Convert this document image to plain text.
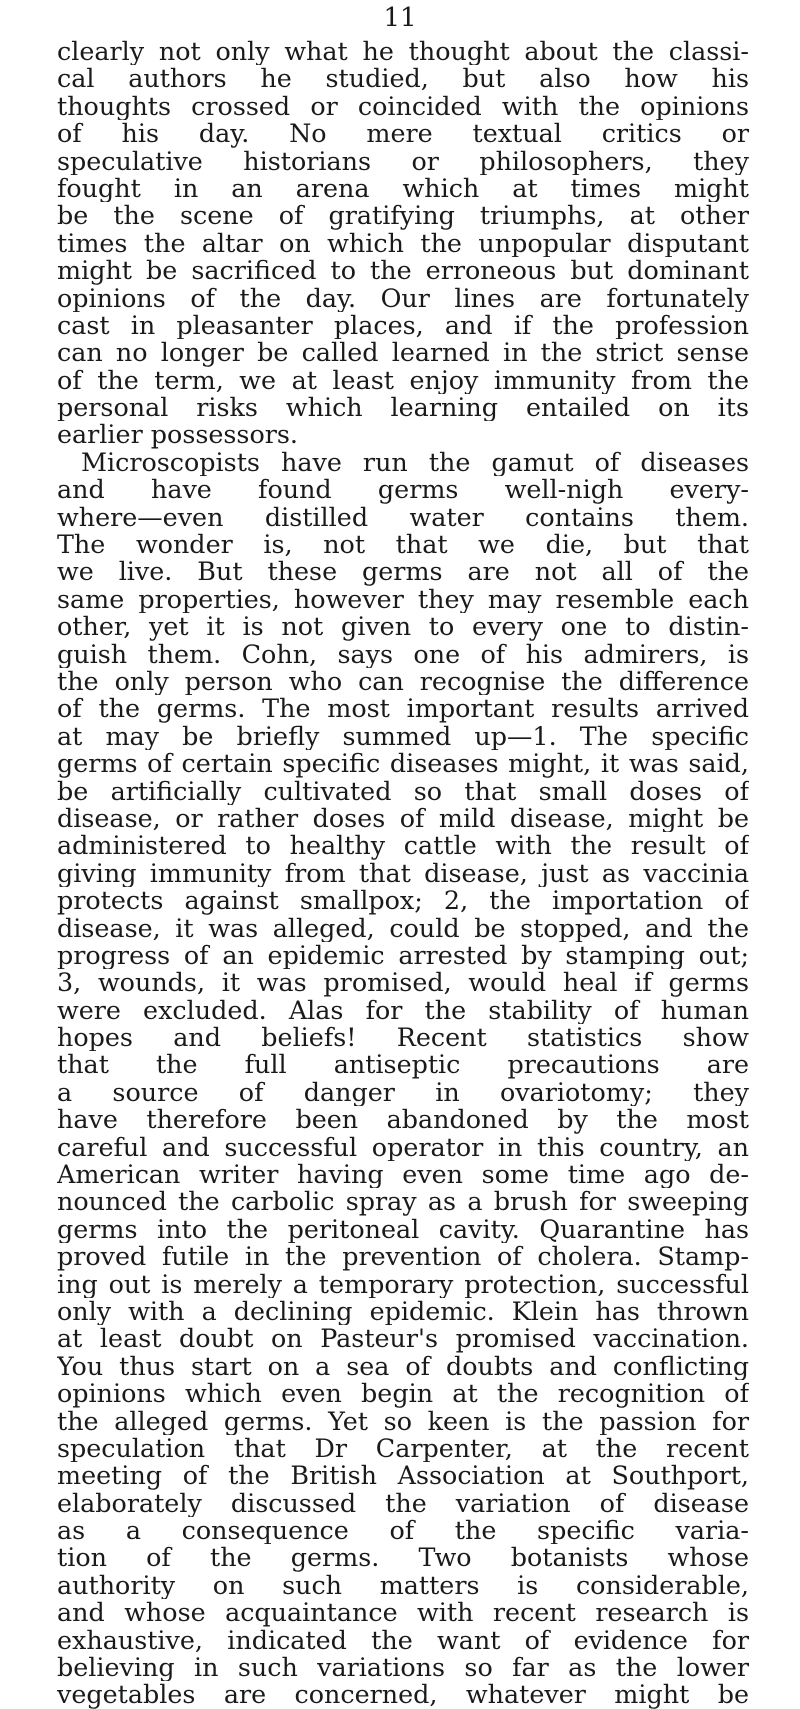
11
clearly not only what he thought about the classi-
cal authors he studied, but also how his
thoughts crossed or coincided with the opinions
of his day. No mere textual critics or
speculative historians or philosophers, they
fought in an arena which at times might
be the scene of gratifying triumphs, at other
times the altar on which the unpopular disputant
might be sacrificed to the erroneous but dominant
opinions of the day. Our lines are fortunately
cast in pleasanter places, and if the profession
can no longer be called learned in the strict sense
of the term, we at least enjoy immunity from the
personal risks which learning entailed on its
earlier possessors.
Microscopists have run the gamut of diseases
and have found germs well-nigh every-
where—even distilled water contains them.
The wonder is, not that we die, but that
we live. But these germs are not all of the
same properties, however they may resemble each
other, yet it is not given to every one to distin-
guish them. Cohn, says one of his admirers, is
the only person who can recognise the difference
of the germs. The most important results arrived
at may be briefly summed up—1. The specific
germs of certain specific diseases might, it was said,
be artificially cultivated so that small doses of
disease, or rather doses of mild disease, might be
administered to healthy cattle with the result of
giving immunity from that disease, just as vaccinia
protects against smallpox; 2, the importation of
disease, it was alleged, could be stopped, and the
progress of an epidemic arrested by stamping out;
3, wounds, it was promised, would heal if germs
were excluded. Alas for the stability of human
hopes and beliefs! Recent statistics show
that the full antiseptic precautions are
a source of danger in ovariotomy; they
have therefore been abandoned by the most
careful and successful operator in this country, an
American writer having even some time ago de-
nounced the carbolic spray as a brush for sweeping
germs into the peritoneal cavity. Quarantine has
proved futile in the prevention of cholera. Stamp-
ing out is merely a temporary protection, successful
only with a declining epidemic. Klein has thrown
at least doubt on Pasteur's promised vaccination.
You thus start on a sea of doubts and conflicting
opinions which even begin at the recognition of
the alleged germs. Yet so keen is the passion for
speculation that Dr Carpenter, at the recent
meeting of the British Association at Southport,
elaborately discussed the variation of disease
as a consequence of the specific varia-
tion of the germs. Two botanists whose
authority on such matters is considerable,
and whose acquaintance with recent research is
exhaustive, indicated the want of evidence for
believing in such variations so far as the lower
vegetables are concerned, whatever might be
